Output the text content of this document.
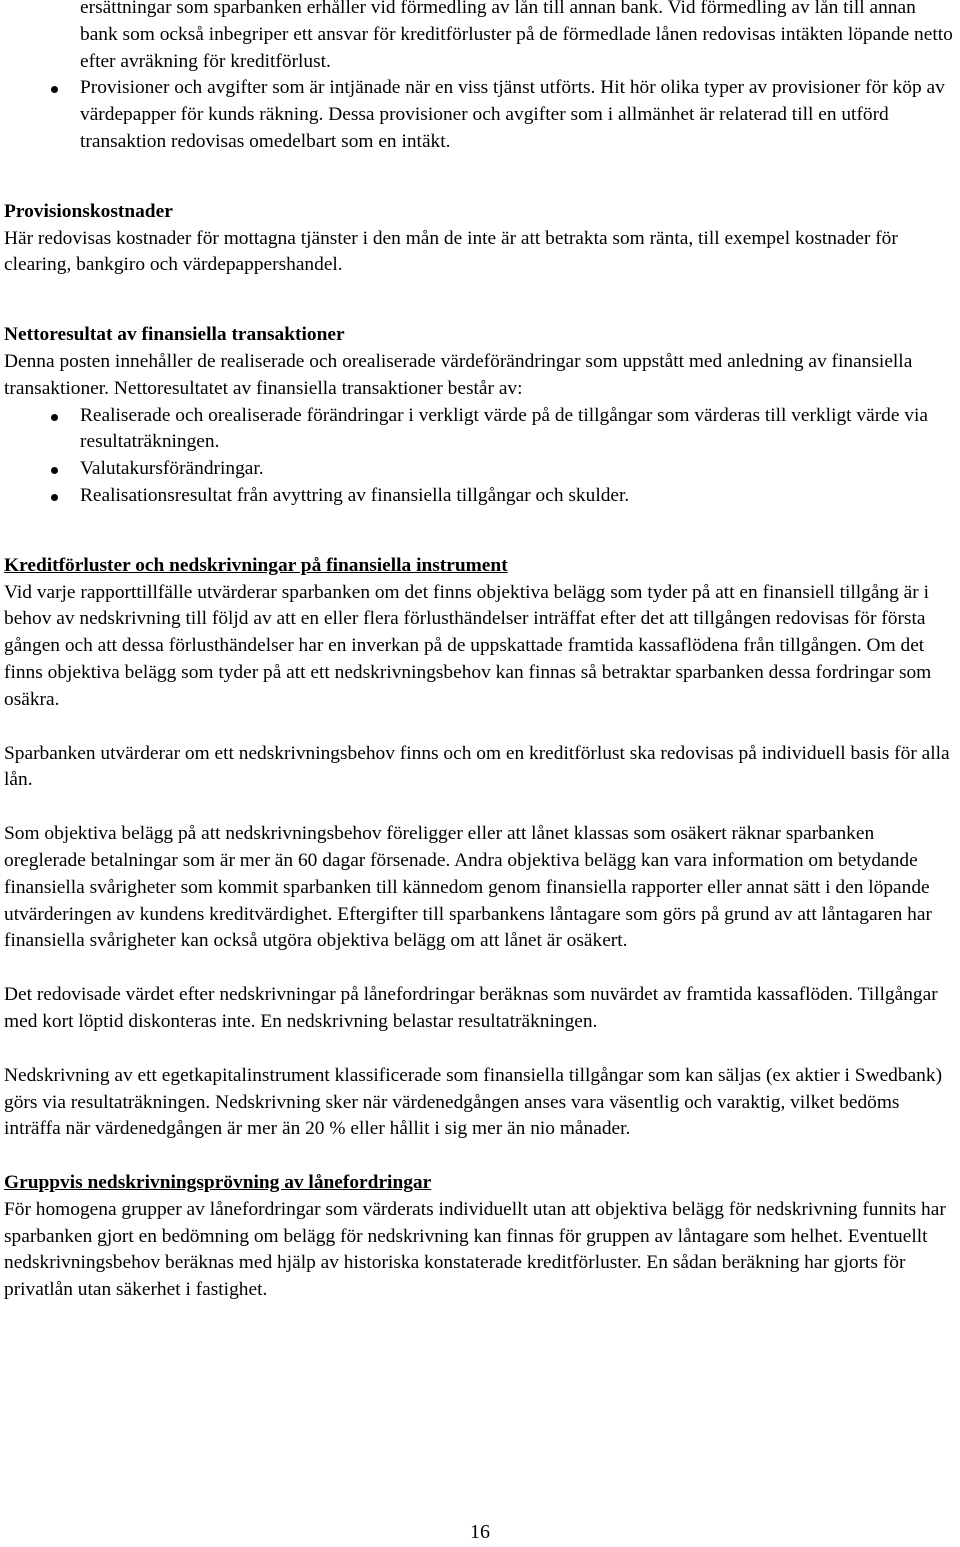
ersättningar som sparbanken erhåller vid förmedling av lån till annan bank. Vid förmedling av lån till annan bank som också inbegriper ett ansvar för kreditförluster på de förmedlade lånen redovisas intäkten löpande netto efter avräkning för kreditförlust.
Provisioner och avgifter som är intjänade när en viss tjänst utförts. Hit hör olika typer av provisioner för köp av värdepapper för kunds räkning. Dessa provisioner och avgifter som i allmänhet är relaterad till en utförd transaktion redovisas omedelbart som en intäkt.

Provisionskostnader

Här redovisas kostnader för mottagna tjänster i den mån de inte är att betrakta som ränta, till exempel kostnader för clearing, bankgiro och värdepappershandel.

Nettoresultat av finansiella transaktioner

Denna posten innehåller de realiserade och orealiserade värdeförändringar som uppstått med anledning av finansiella transaktioner. Nettoresultatet av finansiella transaktioner består av:

Realiserade och orealiserade förändringar i verkligt värde på de tillgångar som värderas till verkligt värde via resultaträkningen.
Valutakursförändringar.
Realisationsresultat från avyttring av finansiella tillgångar och skulder.

Kreditförluster och nedskrivningar på finansiella instrument

Vid varje rapporttillfälle utvärderar sparbanken om det finns objektiva belägg som tyder på att en finansiell tillgång är i behov av nedskrivning till följd av att en eller flera förlusthändelser inträffat efter det att tillgången redovisas för första gången och att dessa förlusthändelser har en inverkan på de uppskattade framtida kassaflödena från tillgången. Om det finns objektiva belägg som tyder på att ett nedskrivningsbehov kan finnas så betraktar sparbanken dessa fordringar som osäkra.

Sparbanken utvärderar om ett nedskrivningsbehov finns och om en kreditförlust ska redovisas på individuell basis för alla lån.

Som objektiva belägg på att nedskrivningsbehov föreligger eller att lånet klassas som osäkert räknar sparbanken oreglerade betalningar som är mer än 60 dagar försenade. Andra objektiva belägg kan vara information om betydande finansiella svårigheter som kommit sparbanken till kännedom genom finansiella rapporter eller annat sätt i den löpande utvärderingen av kundens kreditvärdighet. Eftergifter till sparbankens låntagare som görs på grund av att låntagaren har finansiella svårigheter kan också utgöra objektiva belägg om att lånet är osäkert.

Det redovisade värdet efter nedskrivningar på lånefordringar beräknas som nuvärdet av framtida kassaflöden. Tillgångar med kort löptid diskonteras inte. En nedskrivning belastar resultaträkningen.

Nedskrivning av ett egetkapitalinstrument klassificerade som finansiella tillgångar som kan säljas (ex aktier i Swedbank) görs via resultaträkningen. Nedskrivning sker när värdenedgången anses vara väsentlig och varaktig, vilket bedöms inträffa när värdenedgången är mer än 20 % eller hållit i sig mer än nio månader.

Gruppvis nedskrivningsprövning av lånefordringar

För homogena grupper av lånefordringar som värderats individuellt utan att objektiva belägg för nedskrivning funnits har sparbanken gjort en bedömning om belägg för nedskrivning kan finnas för gruppen av låntagare som helhet. Eventuellt nedskrivningsbehov beräknas med hjälp av historiska konstaterade kreditförluster. En sådan beräkning har gjorts för privatlån utan säkerhet i fastighet.

16
